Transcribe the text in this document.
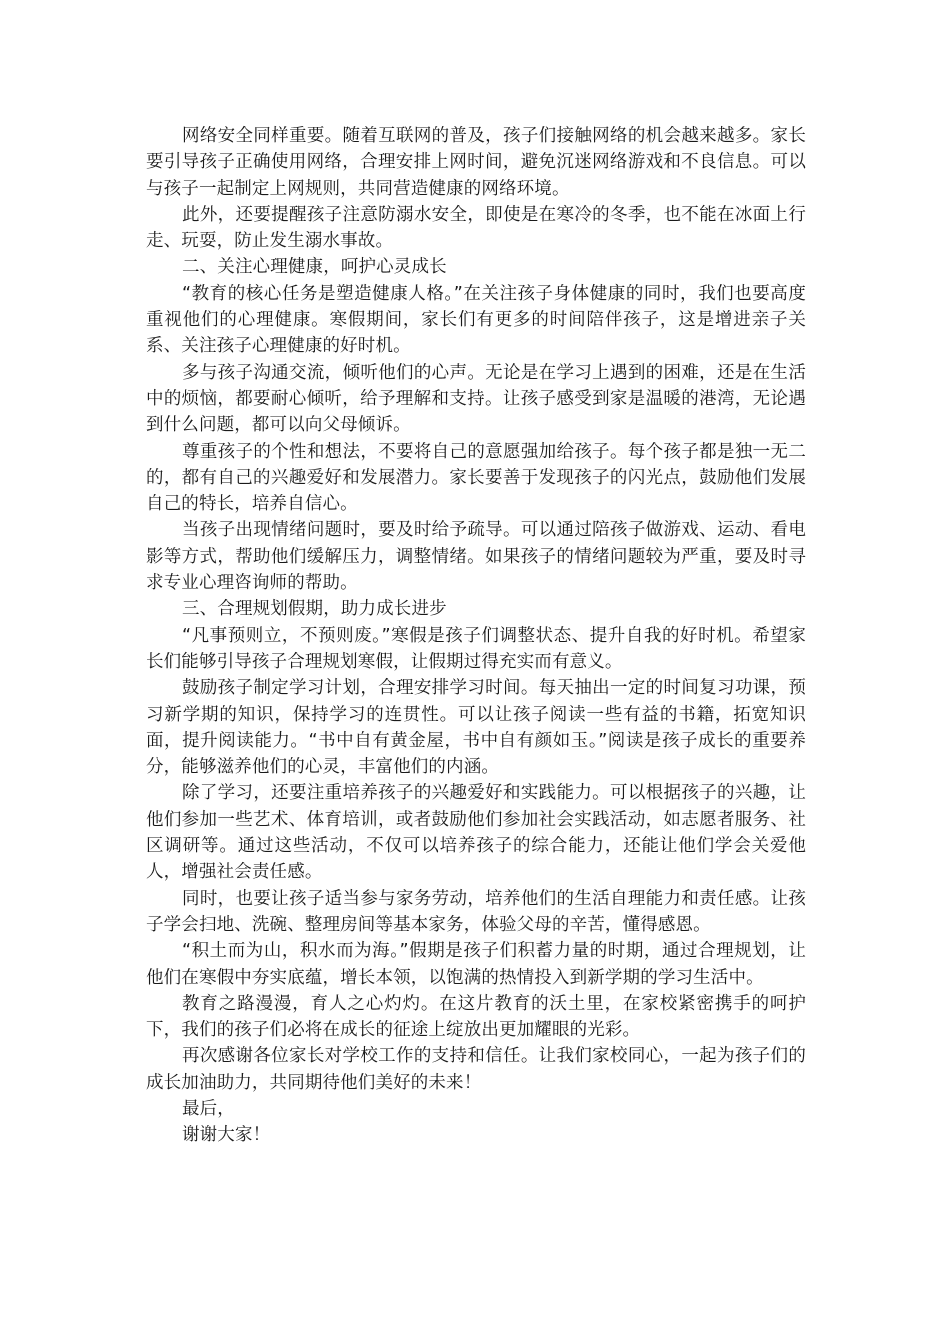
网络安全同样重要。随着互联网的普及，孩子们接触网络的机会越来越多。家长要引导孩子正确使用网络，合理安排上网时间，避免沉迷网络游戏和不良信息。可以与孩子一起制定上网规则，共同营造健康的网络环境。

此外，还要提醒孩子注意防溺水安全，即使是在寒冷的冬季，也不能在冰面上行走、玩耍，防止发生溺水事故。

二、关注心理健康，呵护心灵成长

“教育的核心任务是塑造健康人格。”在关注孩子身体健康的同时，我们也要高度重视他们的心理健康。寒假期间，家长们有更多的时间陪伴孩子，这是增进亲子关系、关注孩子心理健康的好时机。

多与孩子沟通交流，倾听他们的心声。无论是在学习上遇到的困难，还是在生活中的烦恼，都要耐心倾听，给予理解和支持。让孩子感受到家是温暖的港湾，无论遇到什么问题，都可以向父母倾诉。

尊重孩子的个性和想法，不要将自己的意愿强加给孩子。每个孩子都是独一无二的，都有自己的兴趣爱好和发展潜力。家长要善于发现孩子的闪光点，鼓励他们发展自己的特长，培养自信心。

当孩子出现情绪问题时，要及时给予疏导。可以通过陪孩子做游戏、运动、看电影等方式，帮助他们缓解压力，调整情绪。如果孩子的情绪问题较为严重，要及时寻求专业心理咨询师的帮助。

三、合理规划假期，助力成长进步

“凡事预则立，不预则废。”寒假是孩子们调整状态、提升自我的好时机。希望家长们能够引导孩子合理规划寒假，让假期过得充实而有意义。

鼓励孩子制定学习计划，合理安排学习时间。每天抽出一定的时间复习功课，预习新学期的知识，保持学习的连贯性。可以让孩子阅读一些有益的书籍，拓宽知识面，提升阅读能力。“书中自有黄金屋，书中自有颜如玉。”阅读是孩子成长的重要养分，能够滋养他们的心灵，丰富他们的内涵。

除了学习，还要注重培养孩子的兴趣爱好和实践能力。可以根据孩子的兴趣，让他们参加一些艺术、体育培训，或者鼓励他们参加社会实践活动，如志愿者服务、社区调研等。通过这些活动，不仅可以培养孩子的综合能力，还能让他们学会关爱他人，增强社会责任感。

同时，也要让孩子适当参与家务劳动，培养他们的生活自理能力和责任感。让孩子学会扫地、洗碗、整理房间等基本家务，体验父母的辛苦，懂得感恩。

“积土而为山，积水而为海。”假期是孩子们积蓄力量的时期，通过合理规划，让他们在寒假中夯实底蕴，增长本领，以饱满的热情投入到新学期的学习生活中。

教育之路漫漫，育人之心灼灼。在这片教育的沃土里，在家校紧密携手的呵护下，我们的孩子们必将在成长的征途上绽放出更加耀眼的光彩。

再次感谢各位家长对学校工作的支持和信任。让我们家校同心，一起为孩子们的成长加油助力，共同期待他们美好的未来！

最后，

谢谢大家！
